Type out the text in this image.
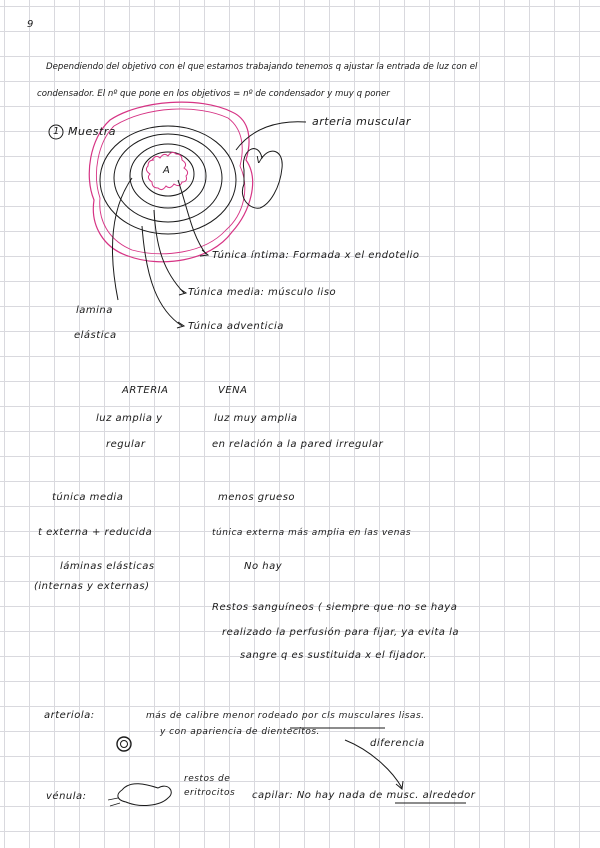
9
Dependiendo del objetivo con el que estamos trabajando tenemos q ajustar la entrada de luz con el
condensador. El nº que pone en los objetivos = nº de condensador y muy q poner
1 Muestra
A
V
arteria muscular
Túnica íntima: Formada x el endotelio
Túnica media: músculo liso
Túnica adventicia
lamina
elástica
ARTERIA	VENA
luz amplia y	luz muy amplia
regular	en relación a la pared irregular
túnica media	menos grueso
t externa + reducida	túnica externa más amplia en las venas
láminas elásticas	No hay
(internas y externas)
Restos sanguíneos ( siempre que no se haya
realizado la perfusión para fijar, ya evita la
sangre q es sustituida x el fijador.
arteriola:	más de calibre menor rodeado por cls musculares lisas.
y con apariencia de dientecitos.
diferencia
vénula:
restos de
eritrocitos capilar: No hay nada de musc. alrededor
